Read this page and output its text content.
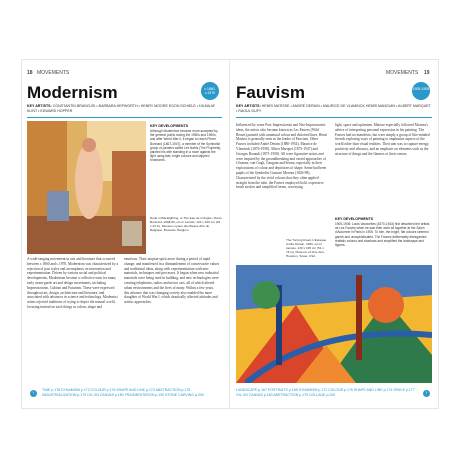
18 MOVEMENTS
Modernism	c.1860-c.1970
KEY ARTISTS: CONSTANTIN BRANCUSI • BARBARA HEPWORTH • HENRY MOORE EGON SCHIELE • HILMA AF KLINT • EDWARD HOPPER
KEY DEVELOPMENTS
Although Modernism became more accepted by the general public during the 1950s and 1960s, and after World War II, it began to reach Pierre Bonnard (1867-1947), a member of the Symbolist group of painters called Les Nabis (The Prophets), painted his wife standing in a room against the light using fast, bright colours and stippled brushwork.
Nude in Backlighting, or The Eau de Cologne, Pierre Bonnard, 1908-09, oil on canvas, 124 x 109 cm (49 x 43 in), Musées royaux des Beaux-Arts de Belgique, Brussels, Belgium
A wide-ranging movement in arts and literature that occurred between c.1860 and c.1970, Modernism was characterized by a rejection of past styles and an emphasis on innovation and experimentation. Driven by various social and political developments, Modernism became a collective term for many early avant-garde art and design movements, including Impressionism, Cubism and Futurism. These were expressed throughout art, design, architecture and literature, and associated with advances in science and technology. Modernist artists rejected traditions of trying to depict the natural world, focusing instead on such things as colour, shape and
emotions. Their utopian spirit arose during a period of rapid change, and manifested in a dismantlement of conservative values and traditional ideas, along with experimentation with new materials, techniques and processes. It began when new industrial materials were being used in building, and new technologies were creating telephones, radios and motor cars, all of which altered urban environments and the lives of many. Within a few years, this advance that was changing society also enabled the more slaughter of World War I, which drastically affected attitudes and artistic approaches.
TIME p.178 DYNAMISM p.172 COLOUR p.176 SHAPE AND LINE p.174 ABSTRACTION p.175 INDUSTRIALIZATION p.179 OIL ON CANVAS p.180 FRAGMENTATION p.190 STONE CARVING p.200
‹
MOVEMENTS 19
Fauvism	1905-1908
KEY ARTISTS: HENRI MATISSE • ANDRÉ DERAIN • MAURICE DE VLAMINCK HENRI MANGUIN • ALBERT MARQUET • RAOUL DUFY
Influenced by some Post-Impressionist and Neo-Impressionist ideas, the artists who became known as Les Fauves (Wild Beasts) painted with unnatural colour and distorted lines. Henri Matisse is generally seen as the leader of Fauvism. Other Fauves included André Derain (1880-1954), Maurice de Vlaminck (1876-1958), Albert Marquet (1875-1947) and Georges Rouault (1871-1958). All were figurative artists and were inspired by the groundbreaking and varied approaches of Cézanne, van Gogh, Gauguin and Seurat, especially in their explorations of colour and depictions of shape. Some had been pupils of the Symbolist Gustave Moreau (1826-98). Characterized by the vivid colours that they often applied straight from the tube, the Fauves employed bold, expressive brush strokes and simplified forms, conveying
light, space and optimism. Matisse especially followed Moreau's advice of interpreting personal expression in his painting. The Fauves had no manifesto, but were simply a group of like-minded friends exploring ways of painting to emphasize aspects of the world other than visual realities. Their aim was to capture energy, positivity and vibrancy, and an emphasis on elements such as the structure of things and the flatness of their canvas.
KEY DEVELOPMENTS
1905-1906: Louis Vauxcelles (1870-1943) first described the artists as Les Fauves when he saw their work all together at the Salon d'Automne in Paris in 1905. To him, the bright, flat colours seemed garish and unsophisticated. The Fauves deliberately disregarded realistic colours and shadows and simplified the landscape and figures.
The Turning Road, L'Estaque, André Derain, 1906, oil on canvas, 130 x 195 cm (51 x 76 in), Museum of Fine Arts, Houston, Texas, USA
LANDSCAPE p.167 PORTRAITS p.168 DYNAMISM p.172 COLOUR p.176 SHAPE AND LINE p.174 SPACE p.177 OIL ON CANVAS p.180 ABSTRACTION p.175 COLLAGE p.200	›
